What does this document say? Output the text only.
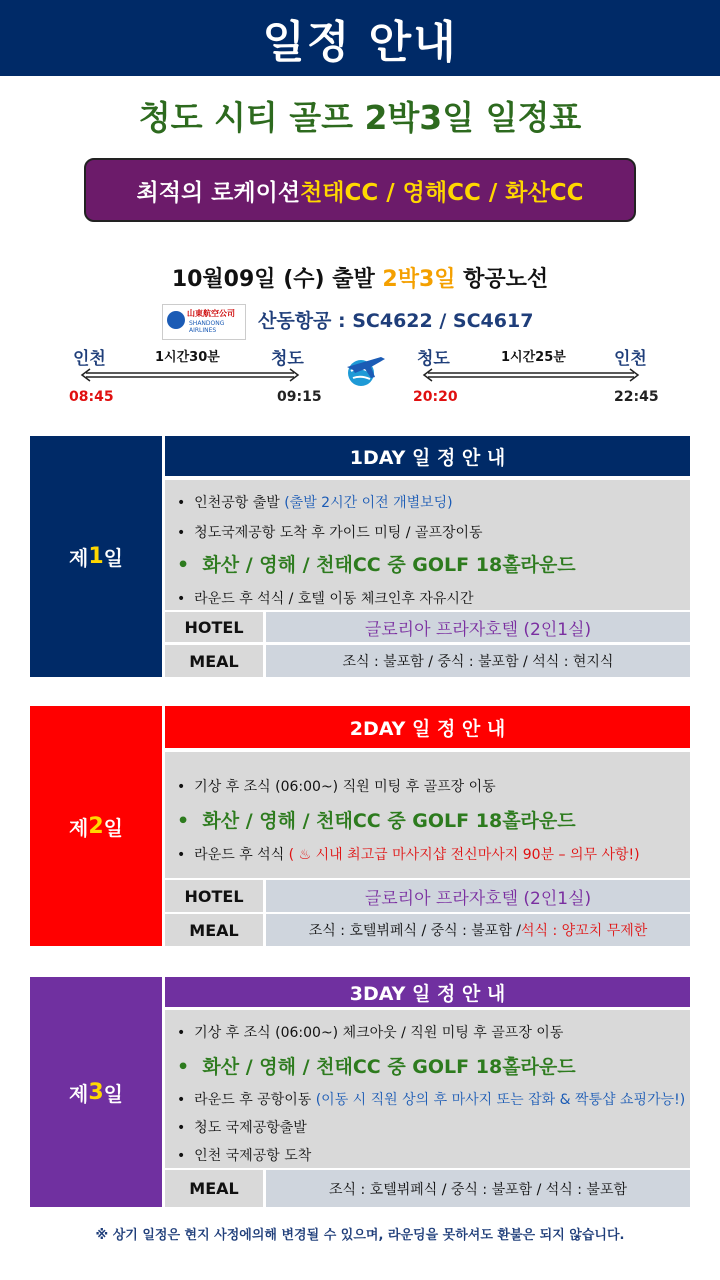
일정 안내
청도 시티 골프 2박3일 일정표
최적의 로케이션 천태CC / 영해CC / 화산CC
10월09일 (수) 출발 2박3일 항공노선
山東航空公司
SHANDONG AIRLINES	산동항공 : SC4622 / SC4617
인천	1시간30분	청도
08:45	09:15
청도	1시간25분	인천
20:20	22:45
제 1 일
1DAY 일 정 안 내
•  인천공항 출발 (출발 2시간 이전 개별보딩)
•  청도국제공항 도착 후 가이드 미팅 / 골프장이동
•  화산 / 영해 / 천태CC 중 GOLF 18홀라운드
•  라운드 후 석식 / 호텔 이동 체크인후 자유시간
HOTEL	글로리아 프라자호텔 (2인1실)
MEAL	조식 : 불포함 / 중식 : 불포함 / 석식 : 현지식
제 2 일
2DAY 일 정 안 내
•  기상 후 조식 (06:00~) 직원 미팅 후 골프장 이동
•  화산 / 영해 / 천태CC 중 GOLF 18홀라운드
•  라운드 후 석식 ( ♨ 시내 최고급 마사지샵 전신마사지 90분 – 의무 사항!)
HOTEL	글로리아 프라자호텔 (2인1실)
MEAL	조식 : 호텔뷔페식 / 중식 : 불포함 / 석식 : 양꼬치 무제한
제 3 일
3DAY 일 정 안 내
•  기상 후 조식 (06:00~) 체크아웃 / 직원 미팅 후 골프장 이동
•  화산 / 영해 / 천태CC 중 GOLF 18홀라운드
•  라운드 후 공항이동 (이동 시 직원 상의 후 마사지 또는 잡화 & 짝퉁샵 쇼핑가능!)
•  청도 국제공항출발
•  인천 국제공항 도착
MEAL	조식 : 호텔뷔페식 / 중식 : 불포함 / 석식 : 불포함
※ 상기 일정은 현지 사정에의해 변경될 수 있으며, 라운딩을 못하셔도 환불은 되지 않습니다.
